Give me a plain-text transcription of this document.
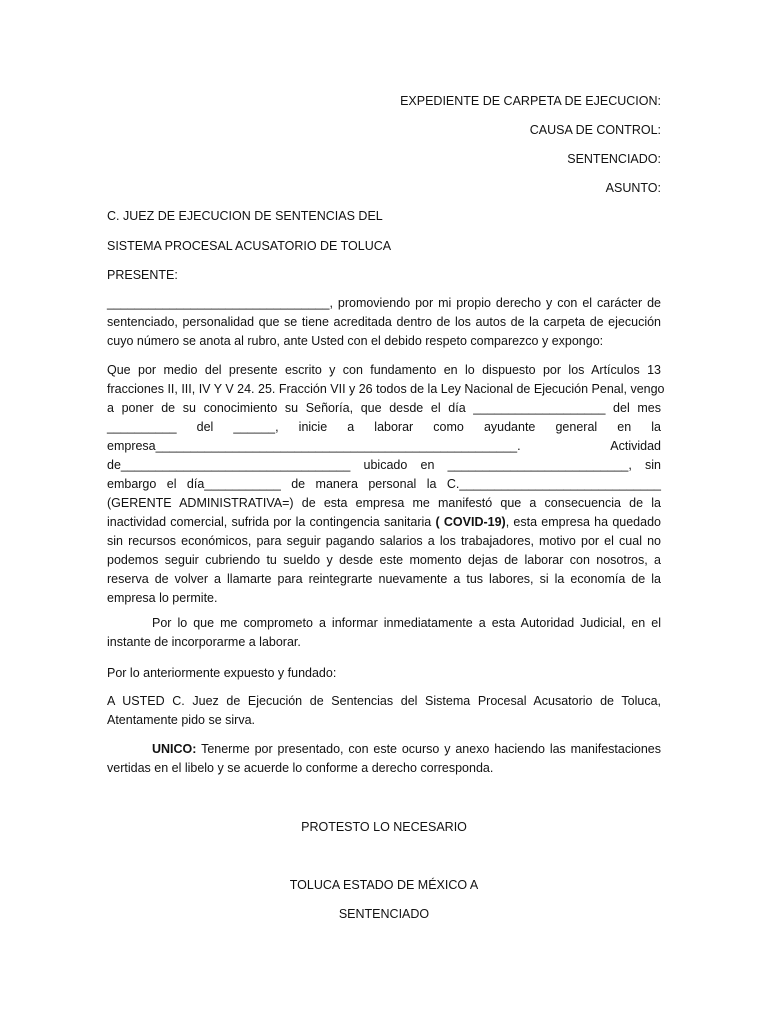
EXPEDIENTE DE CARPETA DE EJECUCION:
CAUSA DE CONTROL:
SENTENCIADO:
ASUNTO:
C. JUEZ DE EJECUCION DE SENTENCIAS DEL
SISTEMA PROCESAL ACUSATORIO DE TOLUCA
PRESENTE:
________________________________, promoviendo por mi propio derecho y con el carácter de sentenciado, personalidad que se tiene acreditada dentro de los autos de la carpeta de ejecución cuyo número se anota al rubro, ante Usted con el debido respeto comparezco y expongo:
Que por medio del presente escrito y con fundamento en lo dispuesto por los Artículos 13
fracciones II, III, IV Y V 24. 25. Fracción VII y 26 todos de la Ley Nacional de Ejecución Penal, vengo
a poner de su conocimiento su Señoría, que desde el día ___________________ del mes
__________ del ______, inicie a laborar como ayudante general en la
empresa____________________________________________________. Actividad
de_________________________________ ubicado en __________________________, sin
embargo el día___________ de manera personal la C._____________________________
(GERENTE ADMINISTRATIVA=) de esta empresa me manifestó que a consecuencia de la
inactividad comercial, sufrida por la contingencia sanitaria ( COVID-19), esta empresa ha quedado
sin recursos económicos, para seguir pagando salarios a los trabajadores, motivo por el cual no
podemos seguir cubriendo tu sueldo y desde este momento dejas de laborar con nosotros, a
reserva de volver a llamarte para reintegrarte nuevamente a tus labores, si la economía de la
empresa lo permite.
Por lo que me comprometo a informar inmediatamente a esta Autoridad Judicial, en el instante de incorporarme a laborar.
Por lo anteriormente expuesto y fundado:
A USTED C. Juez de Ejecución de Sentencias del Sistema Procesal Acusatorio de Toluca, Atentamente pido se sirva.
UNICO: Tenerme por presentado, con este ocurso y anexo haciendo las manifestaciones vertidas en el libelo y se acuerde lo conforme a derecho corresponda.
PROTESTO LO NECESARIO
TOLUCA ESTADO DE MÉXICO A
SENTENCIADO
